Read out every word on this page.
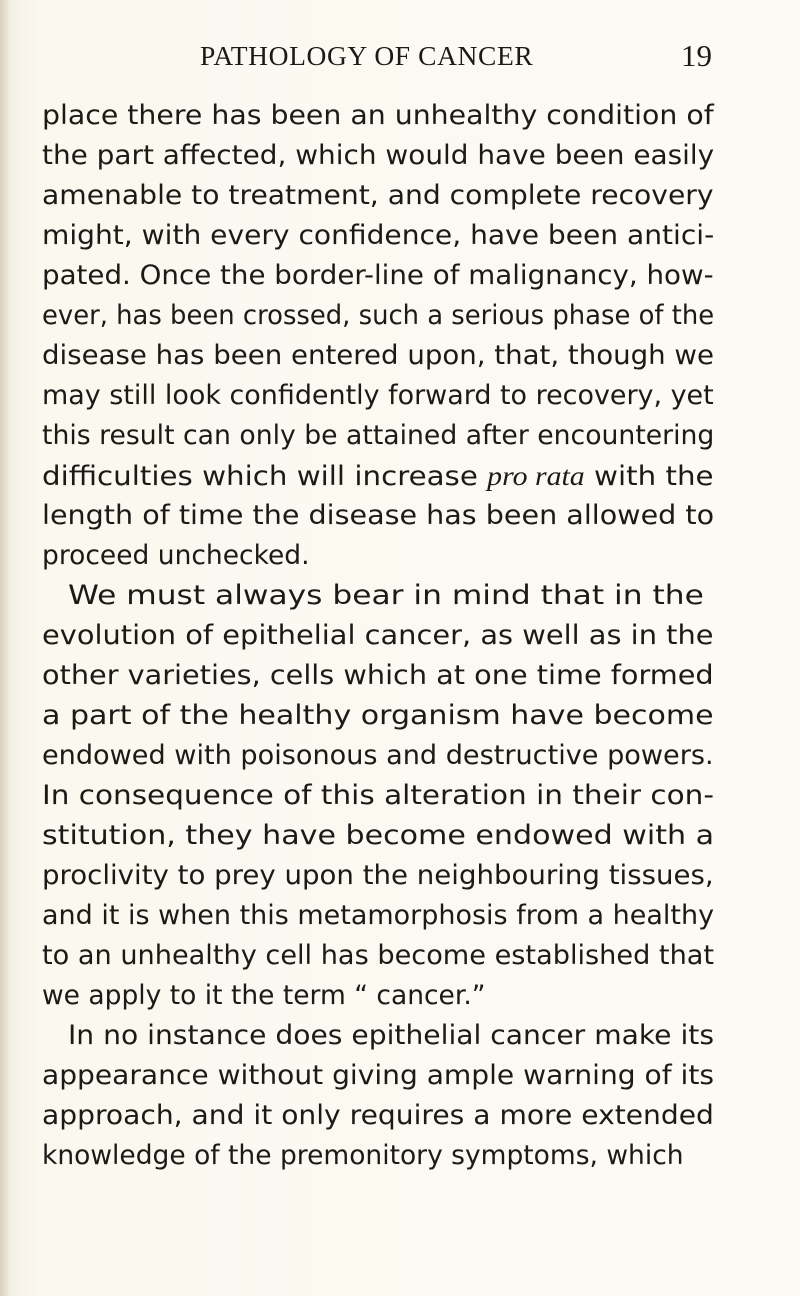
PATHOLOGY OF CANCER	19
place there has been an unhealthy condition of
the part affected, which would have been easily
amenable to treatment, and complete recovery
might, with every confidence, have been antici-
pated. Once the border-line of malignancy, how-
ever, has been crossed, such a serious phase of the
disease has been entered upon, that, though we
may still look confidently forward to recovery, yet
this result can only be attained after encountering
difficulties which will increase pro rata with the
length of time the disease has been allowed to
proceed unchecked.
We must always bear in mind that in the
evolution of epithelial cancer, as well as in the
other varieties, cells which at one time formed
a part of the healthy organism have become
endowed with poisonous and destructive powers.
In consequence of this alteration in their con-
stitution, they have become endowed with a
proclivity to prey upon the neighbouring tissues,
and it is when this metamorphosis from a healthy
to an unhealthy cell has become established that
we apply to it the term “ cancer.”
In no instance does epithelial cancer make its
appearance without giving ample warning of its
approach, and it only requires a more extended
knowledge of the premonitory symptoms, which
